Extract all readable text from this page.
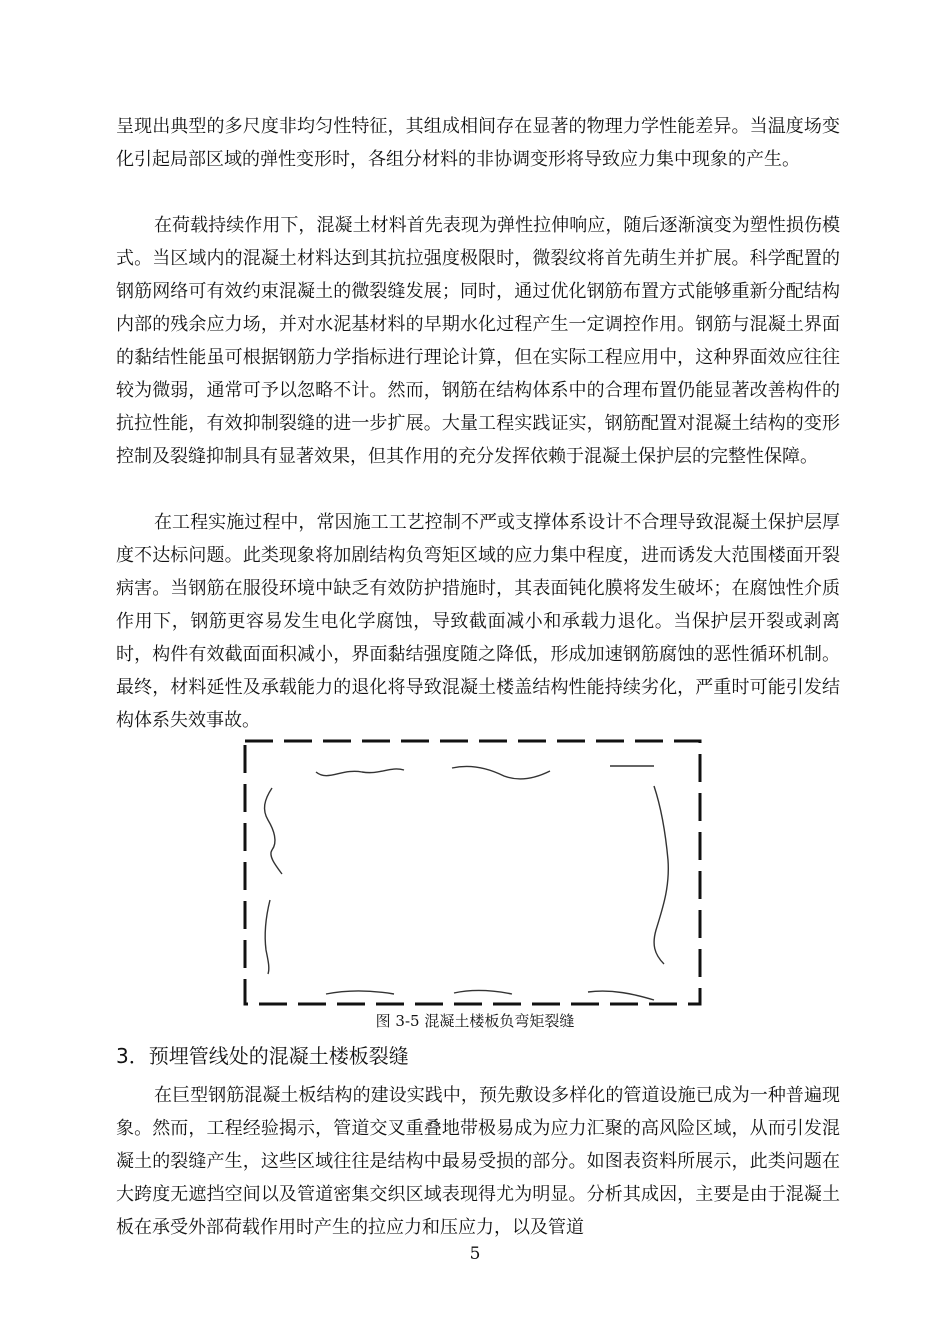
呈现出典型的多尺度非均匀性特征，其组成相间存在显著的物理力学性能差异。当温度场变化引起局部区域的弹性变形时，各组分材料的非协调变形将导致应力集中现象的产生。

在荷载持续作用下，混凝土材料首先表现为弹性拉伸响应，随后逐渐演变为塑性损伤模式。当区域内的混凝土材料达到其抗拉强度极限时，微裂纹将首先萌生并扩展。科学配置的钢筋网络可有效约束混凝土的微裂缝发展；同时，通过优化钢筋布置方式能够重新分配结构内部的残余应力场，并对水泥基材料的早期水化过程产生一定调控作用。钢筋与混凝土界面的黏结性能虽可根据钢筋力学指标进行理论计算，但在实际工程应用中，这种界面效应往往较为微弱，通常可予以忽略不计。然而，钢筋在结构体系中的合理布置仍能显著改善构件的抗拉性能，有效抑制裂缝的进一步扩展。大量工程实践证实，钢筋配置对混凝土结构的变形控制及裂缝抑制具有显著效果，但其作用的充分发挥依赖于混凝土保护层的完整性保障。

在工程实施过程中，常因施工工艺控制不严或支撑体系设计不合理导致混凝土保护层厚度不达标问题。此类现象将加剧结构负弯矩区域的应力集中程度，进而诱发大范围楼面开裂病害。当钢筋在服役环境中缺乏有效防护措施时，其表面钝化膜将发生破坏；在腐蚀性介质作用下，钢筋更容易发生电化学腐蚀，导致截面减小和承载力退化。当保护层开裂或剥离时，构件有效截面面积减小，界面黏结强度随之降低，形成加速钢筋腐蚀的恶性循环机制。最终，材料延性及承载能力的退化将导致混凝土楼盖结构性能持续劣化，严重时可能引发结构体系失效事故。

图 3-5 混凝土楼板负弯矩裂缝
3．预埋管线处的混凝土楼板裂缝

在巨型钢筋混凝土板结构的建设实践中，预先敷设多样化的管道设施已成为一种普遍现象。然而，工程经验揭示，管道交叉重叠地带极易成为应力汇聚的高风险区域，从而引发混凝土的裂缝产生，这些区域往往是结构中最易受损的部分。如图表资料所展示，此类问题在大跨度无遮挡空间以及管道密集交织区域表现得尤为明显。分析其成因，主要是由于混凝土板在承受外部荷载作用时产生的拉应力和压应力，以及管道

5
